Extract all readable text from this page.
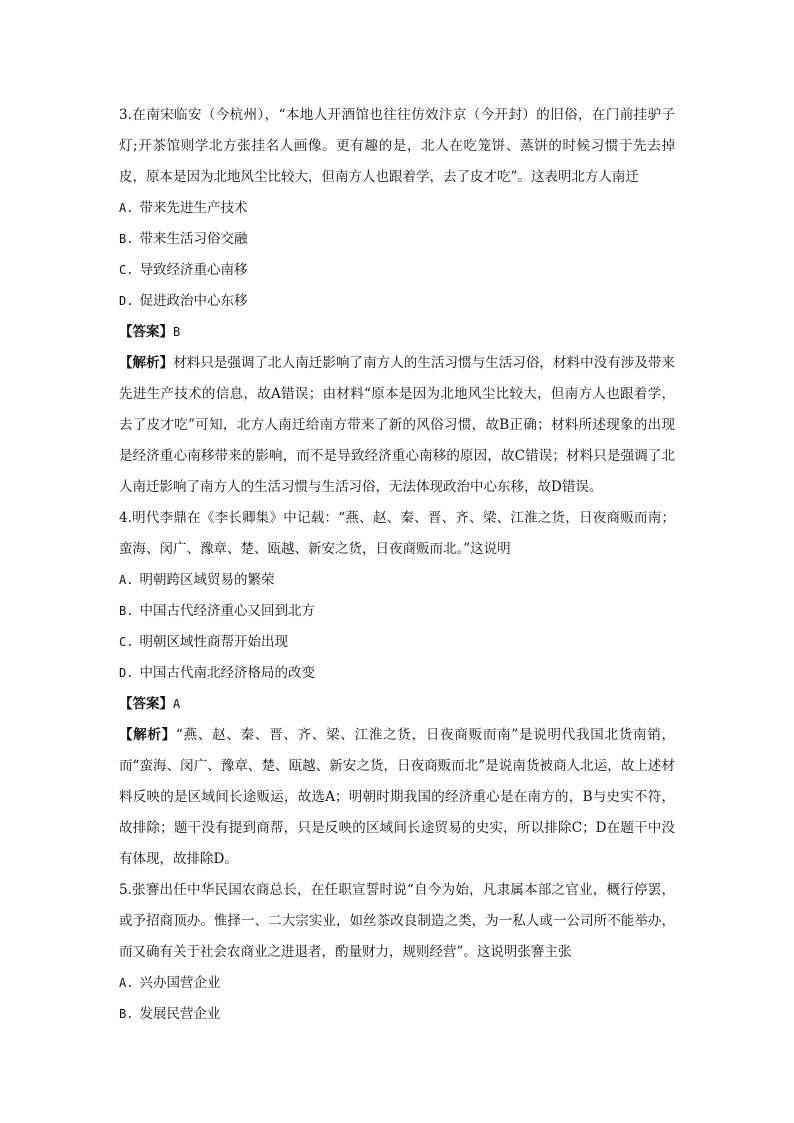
3.在南宋临安（今杭州），“本地人开酒馆也往往仿效汴京（今开封）的旧俗，在门前挂驴子灯;开茶馆则学北方张挂名人画像。更有趣的是，北人在吃笼饼、蒸饼的时候习惯于先去掉皮，原本是因为北地风尘比较大，但南方人也跟着学，去了皮才吃”。这表明北方人南迁

A. 带来先进生产技术

B. 带来生活习俗交融

C. 导致经济重心南移

D. 促进政治中心东移

【答案】B

【解析】材料只是强调了北人南迁影响了南方人的生活习惯与生活习俗，材料中没有涉及带来先进生产技术的信息，故A错误；由材料“原本是因为北地风尘比较大，但南方人也跟着学，去了皮才吃”可知，北方人南迁给南方带来了新的风俗习惯，故B正确；材料所述现象的出现是经济重心南移带来的影响，而不是导致经济重心南移的原因，故C错误；材料只是强调了北人南迁影响了南方人的生活习惯与生活习俗，无法体现政治中心东移，故D错误。

4.明代李鼎在《李长卿集》中记载：“燕、赵、秦、晋、齐、梁、江淮之货，日夜商贩而南；蛮海、闵广、豫章、楚、瓯越、新安之货，日夜商贩而北。”这说明

A. 明朝跨区域贸易的繁荣

B. 中国古代经济重心又回到北方

C. 明朝区域性商帮开始出现

D. 中国古代南北经济格局的改变

【答案】A

【解析】“燕、赵、秦、晋、齐、梁、江淮之货，日夜商贩而南”是说明代我国北货南销，而“蛮海、闵广、豫章、楚、瓯越、新安之货，日夜商贩而北”是说南货被商人北运，故上述材料反映的是区域间长途贩运，故选A；明朝时期我国的经济重心是在南方的，B与史实不符，故排除；题干没有提到商帮，只是反映的区域间长途贸易的史实，所以排除C；D在题干中没有体现，故排除D。

5.张謇出任中华民国农商总长，在任职宣誓时说“自今为始，凡隶属本部之官业，概行停罢，或予招商顶办。惟择一、二大宗实业，如丝茶改良制造之类，为一私人或一公司所不能举办，而又确有关于社会农商业之进退者，酌量财力，规则经营”。这说明张謇主张

A. 兴办国营企业

B. 发展民营企业
